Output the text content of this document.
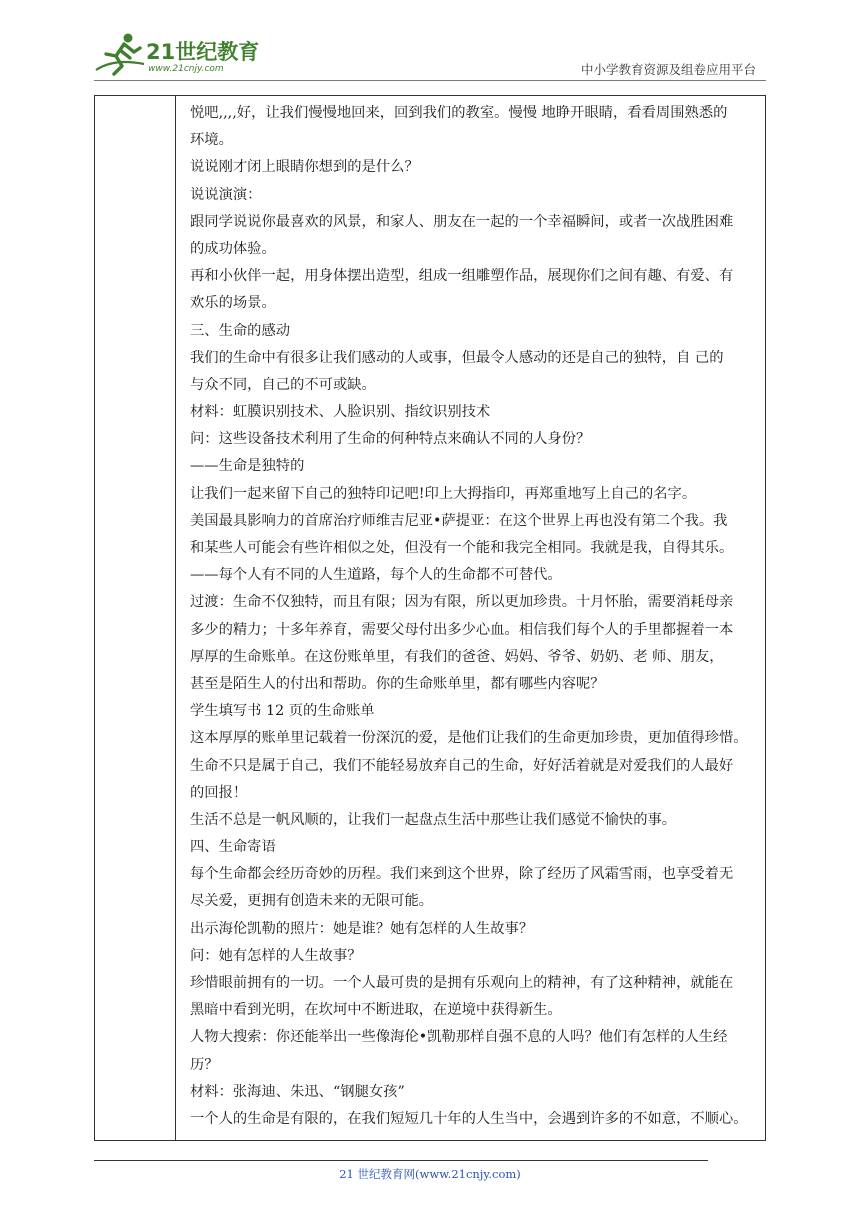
21世纪教育
www.21cnjy.com	中小学教育资源及组卷应用平台
悦吧,,,,好，让我们慢慢地回来，回到我们的教室。慢慢 地睁开眼睛，看看周围熟悉的
环境。
说说刚才闭上眼睛你想到的是什么？
说说演演：
跟同学说说你最喜欢的风景，和家人、朋友在一起的一个幸福瞬间，或者一次战胜困难
的成功体验。
再和小伙伴一起，用身体摆出造型，组成一组雕塑作品，展现你们之间有趣、有爱、有
欢乐的场景。
三、生命的感动
我们的生命中有很多让我们感动的人或事，但最令人感动的还是自己的独特，自 己的
与众不同，自己的不可或缺。
材料：虹膜识别技术、人脸识别、指纹识别技术
问：这些设备技术利用了生命的何种特点来确认不同的人身份？
——生命是独特的
让我们一起来留下自己的独特印记吧!印上大拇指印，再郑重地写上自己的名字。
美国最具影响力的首席治疗师维吉尼亚•萨提亚：在这个世界上再也没有第二个我。我
和某些人可能会有些许相似之处，但没有一个能和我完全相同。我就是我，自得其乐。
——每个人有不同的人生道路，每个人的生命都不可替代。
过渡：生命不仅独特，而且有限；因为有限，所以更加珍贵。十月怀胎，需要消耗母亲
多少的精力；十多年养育，需要父母付出多少心血。相信我们每个人的手里都握着一本
厚厚的生命账单。在这份账单里，有我们的爸爸、妈妈、爷爷、奶奶、老 师、朋友，
甚至是陌生人的付出和帮助。你的生命账单里，都有哪些内容呢？
学生填写书 12 页的生命账单
这本厚厚的账单里记载着一份深沉的爱，是他们让我们的生命更加珍贵，更加值得珍惜。
生命不只是属于自己，我们不能轻易放弃自己的生命，好好活着就是对爱我们的人最好
的回报！
生活不总是一帆风顺的，让我们一起盘点生活中那些让我们感觉不愉快的事。
四、生命寄语
每个生命都会经历奇妙的历程。我们来到这个世界，除了经历了风霜雪雨，也享受着无
尽关爱，更拥有创造未来的无限可能。
出示海伦凯勒的照片：她是谁？她有怎样的人生故事？
问：她有怎样的人生故事？
珍惜眼前拥有的一切。一个人最可贵的是拥有乐观向上的精神，有了这种精神，就能在
黑暗中看到光明，在坎坷中不断进取，在逆境中获得新生。
人物大搜索：你还能举出一些像海伦•凯勒那样自强不息的人吗？他们有怎样的人生经
历？
材料：张海迪、朱迅、“钢腿女孩”
一个人的生命是有限的，在我们短短几十年的人生当中，会遇到许多的不如意，不顺心。
21 世纪教育网(www.21cnjy.com)
